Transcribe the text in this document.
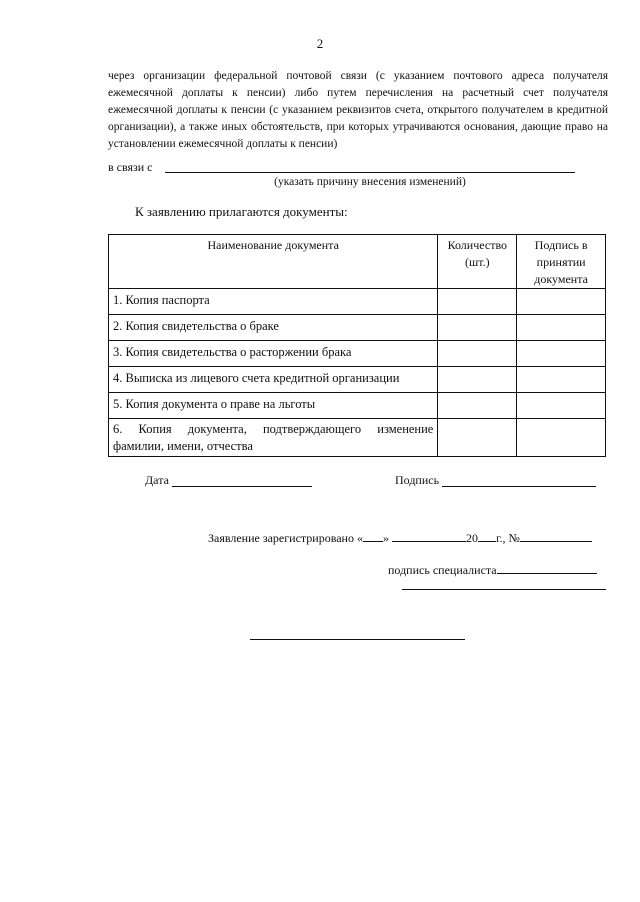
2

через организации федеральной почтовой связи (с указанием почтового адреса получателя ежемесячной доплаты к пенсии) либо путем перечисления на расчетный счет получателя ежемесячной доплаты к пенсии (с указанием реквизитов счета, открытого получателем в кредитной организации), а также иных обстоятельств, при которых утрачиваются основания, дающие право на установлении ежемесячной доплаты к пенсии)

в связи с
(указать причину внесения изменений)
К заявлению прилагаются документы:
Наименование документа	Количество (шт.)	Подпись в принятии документа
1. Копия паспорта		
2. Копия свидетельства о браке		
3. Копия свидетельства о расторжении брака		
4. Выписка из лицевого счета кредитной организации		
5. Копия документа о праве на льготы		
6. Копия документа, подтверждающего изменение фамилии, имени, отчества		
Дата	Подпись
Заявление зарегистрировано « »	20 г., №
подпись специалиста
